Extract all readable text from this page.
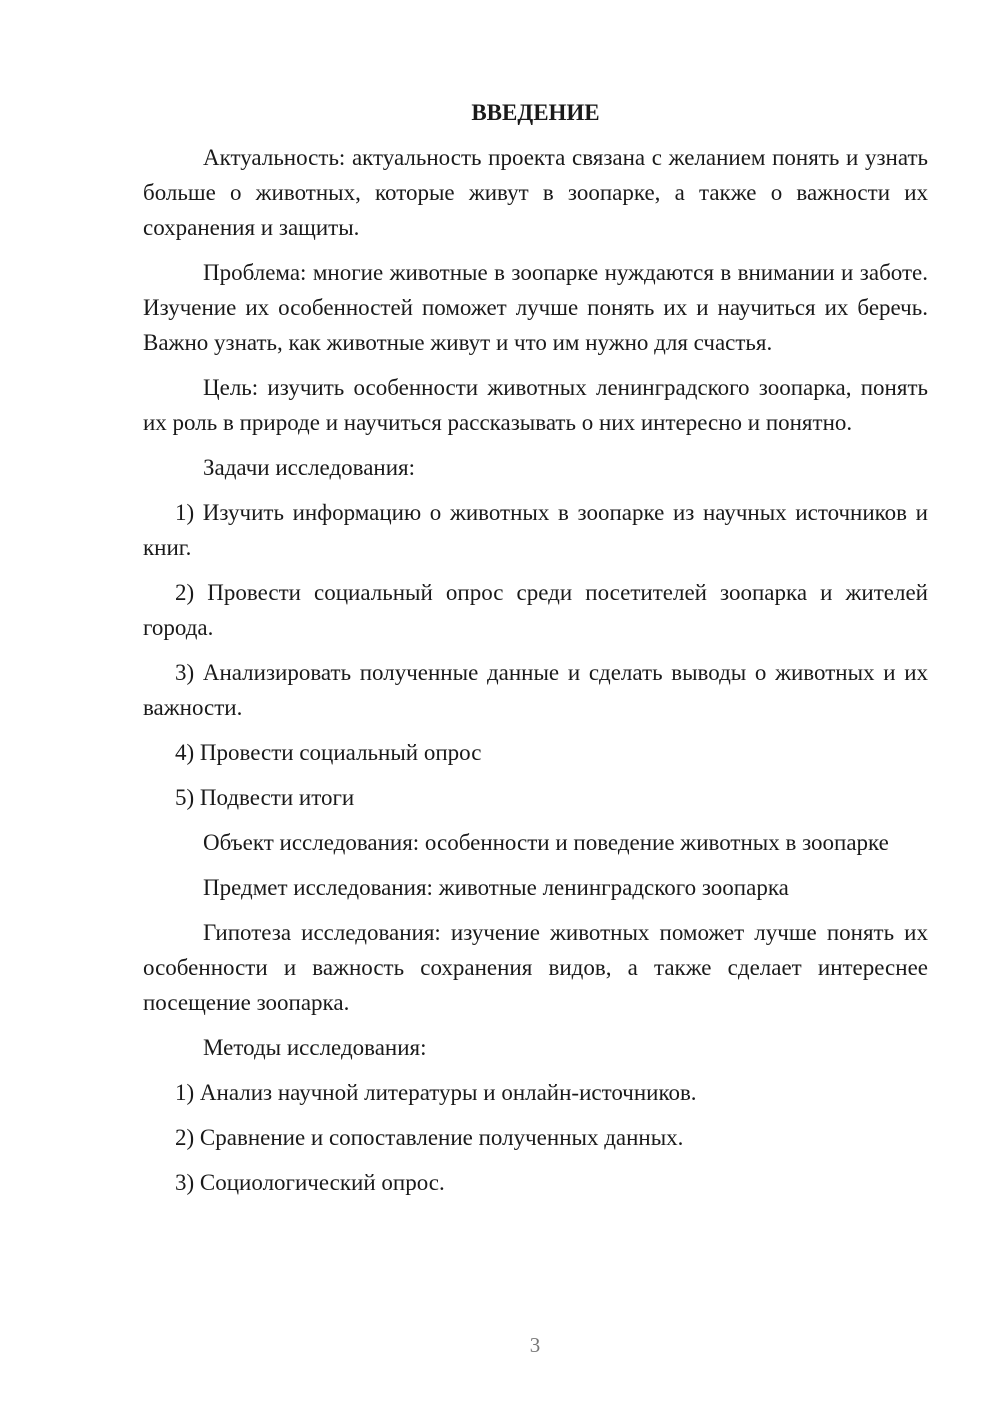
ВВЕДЕНИЕ

Актуальность: актуальность проекта связана с желанием понять и узнать больше о животных, которые живут в зоопарке, а также о важности их сохранения и защиты.

Проблема: многие животные в зоопарке нуждаются в внимании и заботе. Изучение их особенностей поможет лучше понять их и научиться их беречь. Важно узнать, как животные живут и что им нужно для счастья.

Цель: изучить особенности животных ленинградского зоопарка, понять их роль в природе и научиться рассказывать о них интересно и понятно.

Задачи исследования:

1) Изучить информацию о животных в зоопарке из научных источников и книг.

2) Провести социальный опрос среди посетителей зоопарка и жителей города.

3) Анализировать полученные данные и сделать выводы о животных и их важности.

4) Провести социальный опрос

5) Подвести итоги

Объект исследования: особенности и поведение животных в зоопарке

Предмет исследования: животные ленинградского зоопарка

Гипотеза исследования: изучение животных поможет лучше понять их особенности и важность сохранения видов, а также сделает интереснее посещение зоопарка.

Методы исследования:

1) Анализ научной литературы и онлайн-источников.

2) Сравнение и сопоставление полученных данных.

3) Социологический опрос.

3
